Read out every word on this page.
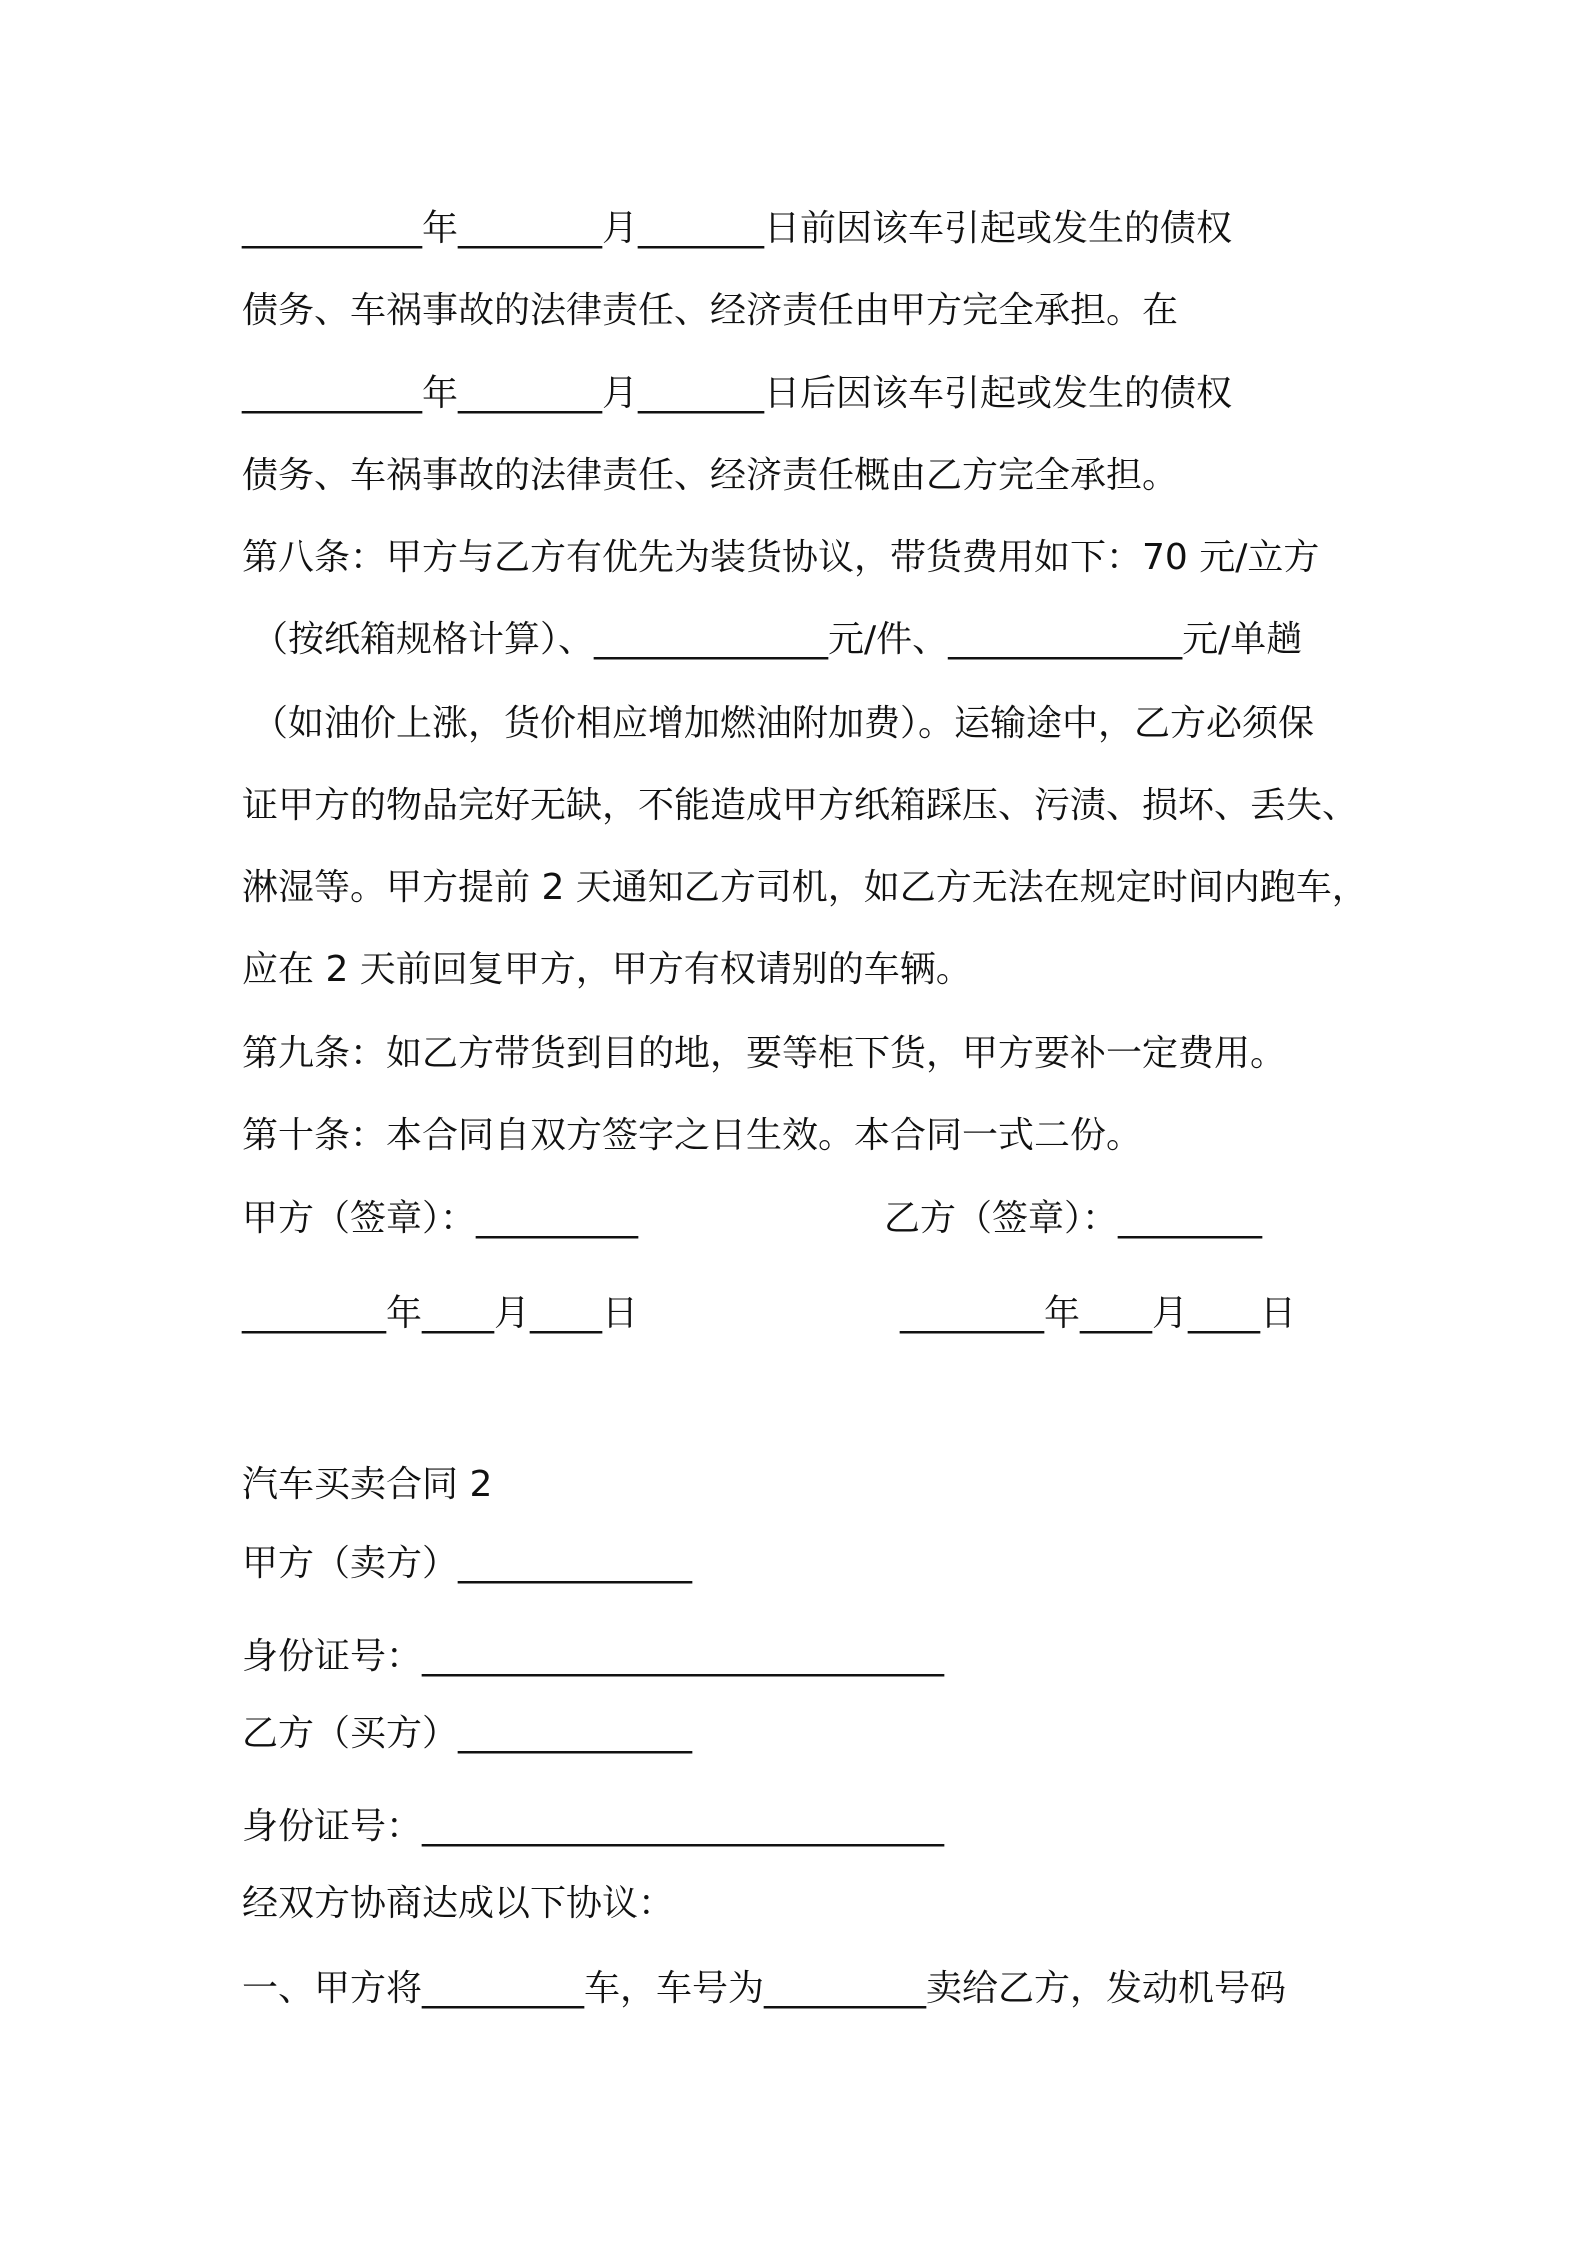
__________年________月_______日前因该车引起或发生的债权

债务、车祸事故的法律责任、经济责任由甲方完全承担。在

__________年________月_______日后因该车引起或发生的债权

债务、车祸事故的法律责任、经济责任概由乙方完全承担。

第八条：甲方与乙方有优先为装货协议，带货费用如下：70 元/立方

（按纸箱规格计算）、_____________元/件、_____________元/单趟

（如油价上涨，货价相应增加燃油附加费）。运输途中，乙方必须保

证甲方的物品完好无缺，不能造成甲方纸箱踩压、污渍、损坏、丢失、

淋湿等。甲方提前 2 天通知乙方司机，如乙方无法在规定时间内跑车，

应在 2 天前回复甲方，甲方有权请别的车辆。

第九条：如乙方带货到目的地，要等柜下货，甲方要补一定费用。

第十条：本合同自双方签字之日生效。本合同一式二份。

甲方（签章）：_________	乙方（签章）：________

________年____月____日	________年____月____日

汽车买卖合同 2

甲方（卖方）_____________

身份证号：_____________________________

乙方（买方）_____________

身份证号：_____________________________

经双方协商达成以下协议：

一、甲方将_________车，车号为_________卖给乙方，发动机号码
